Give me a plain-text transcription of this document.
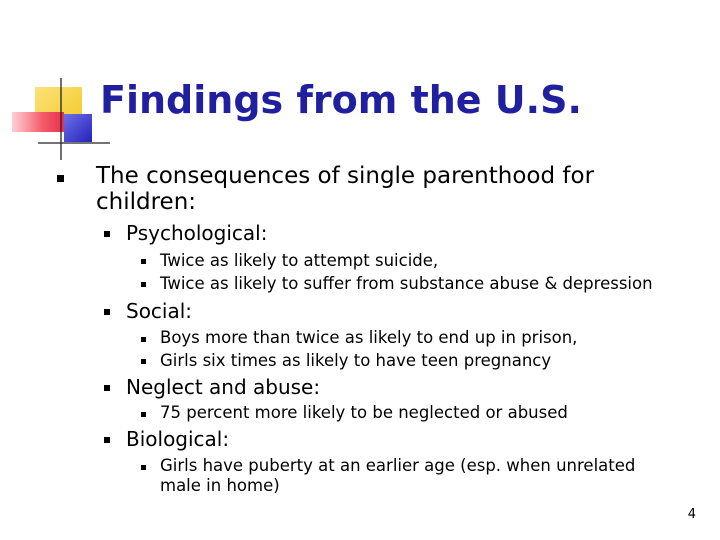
Findings from the U.S.
The consequences of single parenthood for
children:
Psychological:
Twice as likely to attempt suicide,
Twice as likely to suffer from substance abuse & depression
Social:
Boys more than twice as likely to end up in prison,
Girls six times as likely to have teen pregnancy
Neglect and abuse:
75 percent more likely to be neglected or abused
Biological:
Girls have puberty at an earlier age (esp. when unrelated
male in home)
4
